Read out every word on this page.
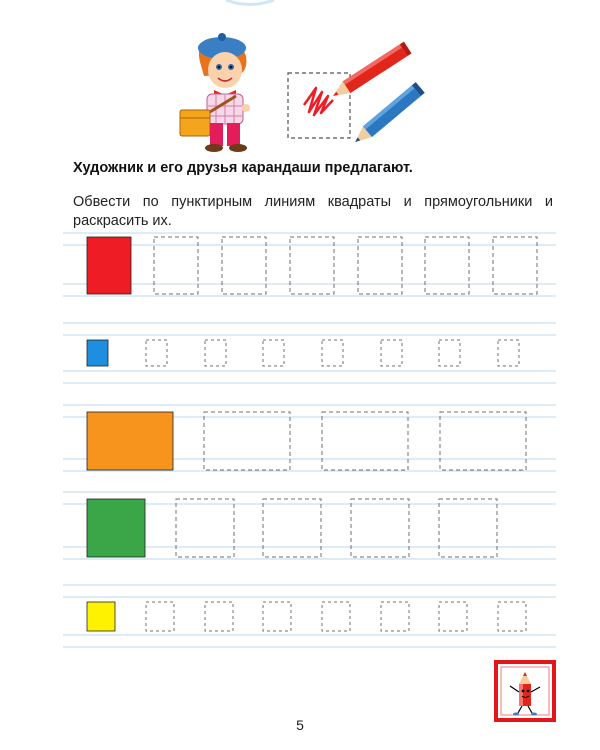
Художник и его друзья карандаши предлагают.

Обвести по пунктирным линиям квадраты и прямоугольники и раскрасить их.

5
